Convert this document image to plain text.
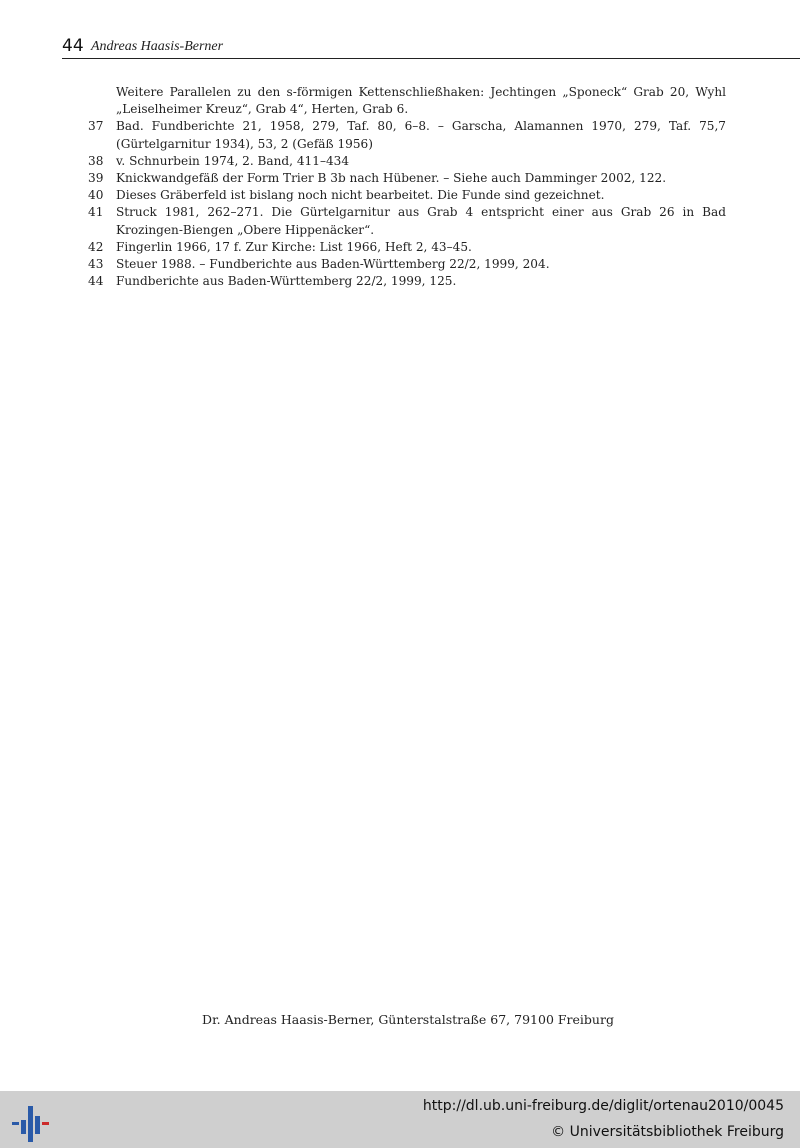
44 Andreas Haasis-Berner
Weitere Parallelen zu den s-förmigen Kettenschließhaken: Jechtingen „Sponeck“ Grab 20, Wyhl „Leiselheimer Kreuz“, Grab 4“, Herten, Grab 6.
37 Bad. Fundberichte 21, 1958, 279, Taf. 80, 6–8. – Garscha, Alamannen 1970, 279, Taf. 75,7 (Gürtelgarnitur 1934), 53, 2 (Gefäß 1956)
38 v. Schnurbein 1974, 2. Band, 411–434
39 Knickwandgefäß der Form Trier B 3b nach Hübener. – Siehe auch Damminger 2002, 122.
40 Dieses Gräberfeld ist bislang noch nicht bearbeitet. Die Funde sind gezeichnet.
41 Struck 1981, 262–271. Die Gürtelgarnitur aus Grab 4 entspricht einer aus Grab 26 in Bad Krozingen-Biengen „Obere Hippenäcker“.
42 Fingerlin 1966, 17 f. Zur Kirche: List 1966, Heft 2, 43–45.
43 Steuer 1988. – Fundberichte aus Baden-Württemberg 22/2, 1999, 204.
44 Fundberichte aus Baden-Württemberg 22/2, 1999, 125.
Dr. Andreas Haasis-Berner, Günterstalstraße 67, 79100 Freiburg
http://dl.ub.uni-freiburg.de/diglit/ortenau2010/0045
© Universitätsbibliothek Freiburg
